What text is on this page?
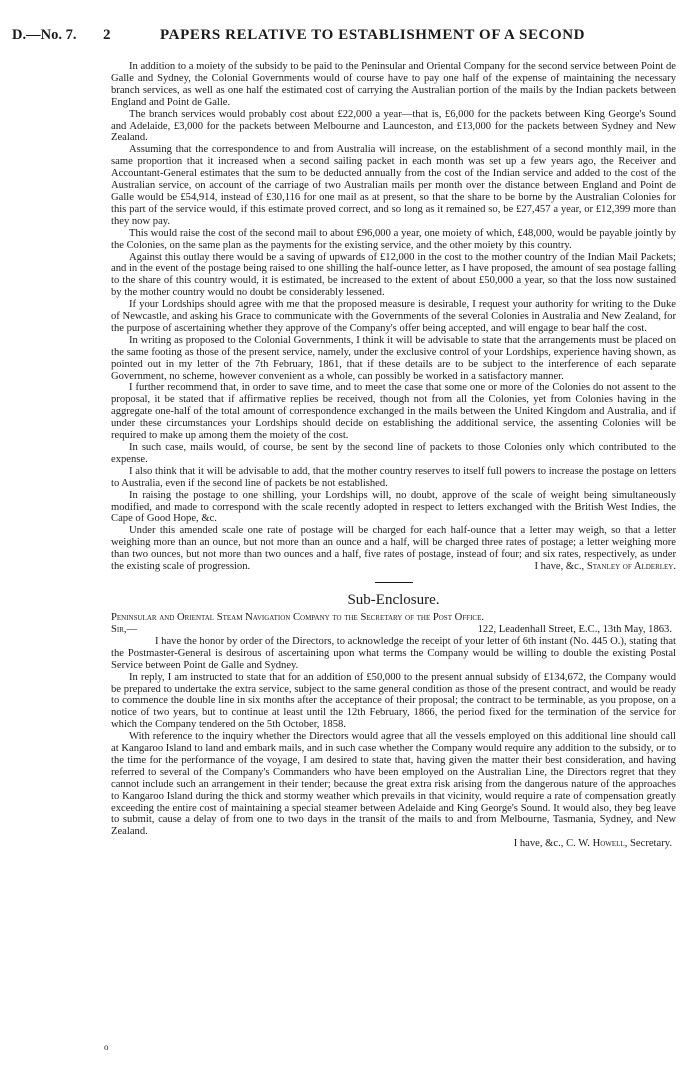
D.—No. 7. 2	PAPERS RELATIVE TO ESTABLISHMENT OF A SECOND

In addition to a moiety of the subsidy to be paid to the Peninsular and Oriental Company for the second service between Point de Galle and Sydney, the Colonial Governments would of course have to pay one half of the expense of maintaining the necessary branch services, as well as one half the estimated cost of carrying the Australian portion of the mails by the Indian packets between England and Point de Galle.

The branch services would probably cost about £22,000 a year—that is, £6,000 for the packets between King George's Sound and Adelaide, £3,000 for the packets between Melbourne and Launceston, and £13,000 for the packets between Sydney and New Zealand.

Assuming that the correspondence to and from Australia will increase, on the establishment of a second monthly mail, in the same proportion that it increased when a second sailing packet in each month was set up a few years ago, the Receiver and Accountant-General estimates that the sum to be deducted annually from the cost of the Indian service and added to the cost of the Australian service, on account of the carriage of two Australian mails per month over the distance between England and Point de Galle would be £54,914, instead of £30,116 for one mail as at present, so that the share to be borne by the Australian Colonies for this part of the service would, if this estimate proved correct, and so long as it remained so, be £27,457 a year, or £12,399 more than they now pay.

This would raise the cost of the second mail to about £96,000 a year, one moiety of which, £48,000, would be payable jointly by the Colonies, on the same plan as the payments for the existing service, and the other moiety by this country.

Against this outlay there would be a saving of upwards of £12,000 in the cost to the mother country of the Indian Mail Packets; and in the event of the postage being raised to one shilling the half-ounce letter, as I have proposed, the amount of sea postage falling to the share of this country would, it is estimated, be increased to the extent of about £50,000 a year, so that the loss now sustained by the mother country would no doubt be considerably lessened.

If your Lordships should agree with me that the proposed measure is desirable, I request your authority for writing to the Duke of Newcastle, and asking his Grace to communicate with the Governments of the several Colonies in Australia and New Zealand, for the purpose of ascertaining whether they approve of the Company's offer being accepted, and will engage to bear half the cost.

In writing as proposed to the Colonial Governments, I think it will be advisable to state that the arrangements must be placed on the same footing as those of the present service, namely, under the exclusive control of your Lordships, experience having shown, as pointed out in my letter of the 7th February, 1861, that if these details are to be subject to the interference of each separate Government, no scheme, however convenient as a whole, can possibly be worked in a satisfactory manner.

I further recommend that, in order to save time, and to meet the case that some one or more of the Colonies do not assent to the proposal, it be stated that if affirmative replies be received, though not from all the Colonies, yet from Colonies having in the aggregate one-half of the total amount of correspondence exchanged in the mails between the United Kingdom and Australia, and if under these circumstances your Lordships should decide on establishing the additional service, the assenting Colonies will be required to make up among them the moiety of the cost.

In such case, mails would, of course, be sent by the second line of packets to those Colonies only which contributed to the expense.

I also think that it will be advisable to add, that the mother country reserves to itself full powers to increase the postage on letters to Australia, even if the second line of packets be not established.

In raising the postage to one shilling, your Lordships will, no doubt, approve of the scale of weight being simultaneously modified, and made to correspond with the scale recently adopted in respect to letters exchanged with the British West Indies, the Cape of Good Hope, &c.

Under this amended scale one rate of postage will be charged for each half-ounce that a letter may weigh, so that a letter weighing more than an ounce, but not more than an ounce and a half, will be charged three rates of postage; a letter weighing more than two ounces, but not more than two ounces and a half, five rates of postage, instead of four; and six rates, respectively, as under the existing scale of progression.	I have, &c., Stanley of Alderley.

Sub-Enclosure.

Peninsular and Oriental Steam Navigation Company to the Secretary of the Post Office.

Sir,—	122, Leadenhall Street, E.C., 13th May, 1863.

I have the honor by order of the Directors, to acknowledge the receipt of your letter of 6th instant (No. 445 O.), stating that the Postmaster-General is desirous of ascertaining upon what terms the Company would be willing to double the existing Postal Service between Point de Galle and Sydney.

In reply, I am instructed to state that for an addition of £50,000 to the present annual subsidy of £134,672, the Company would be prepared to undertake the extra service, subject to the same general condition as those of the present contract, and would be ready to commence the double line in six months after the acceptance of their proposal; the contract to be terminable, as you propose, on a notice of two years, but to continue at least until the 12th February, 1866, the period fixed for the termination of the service for which the Company tendered on the 5th October, 1858.

With reference to the inquiry whether the Directors would agree that all the vessels employed on this additional line should call at Kangaroo Island to land and embark mails, and in such case whether the Company would require any addition to the subsidy, or to the time for the performance of the voyage, I am desired to state that, having given the matter their best consideration, and having referred to several of the Company's Commanders who have been employed on the Australian Line, the Directors regret that they cannot include such an arrangement in their tender; because the great extra risk arising from the dangerous nature of the approaches to Kangaroo Island during the thick and stormy weather which prevails in that vicinity, would require a rate of compensation greatly exceeding the entire cost of maintaining a special steamer between Adelaide and King George's Sound. It would also, they beg leave to submit, cause a delay of from one to two days in the transit of the mails to and from Melbourne, Tasmania, Sydney, and New Zealand.

I have, &c., C. W. Howell, Secretary.

o
